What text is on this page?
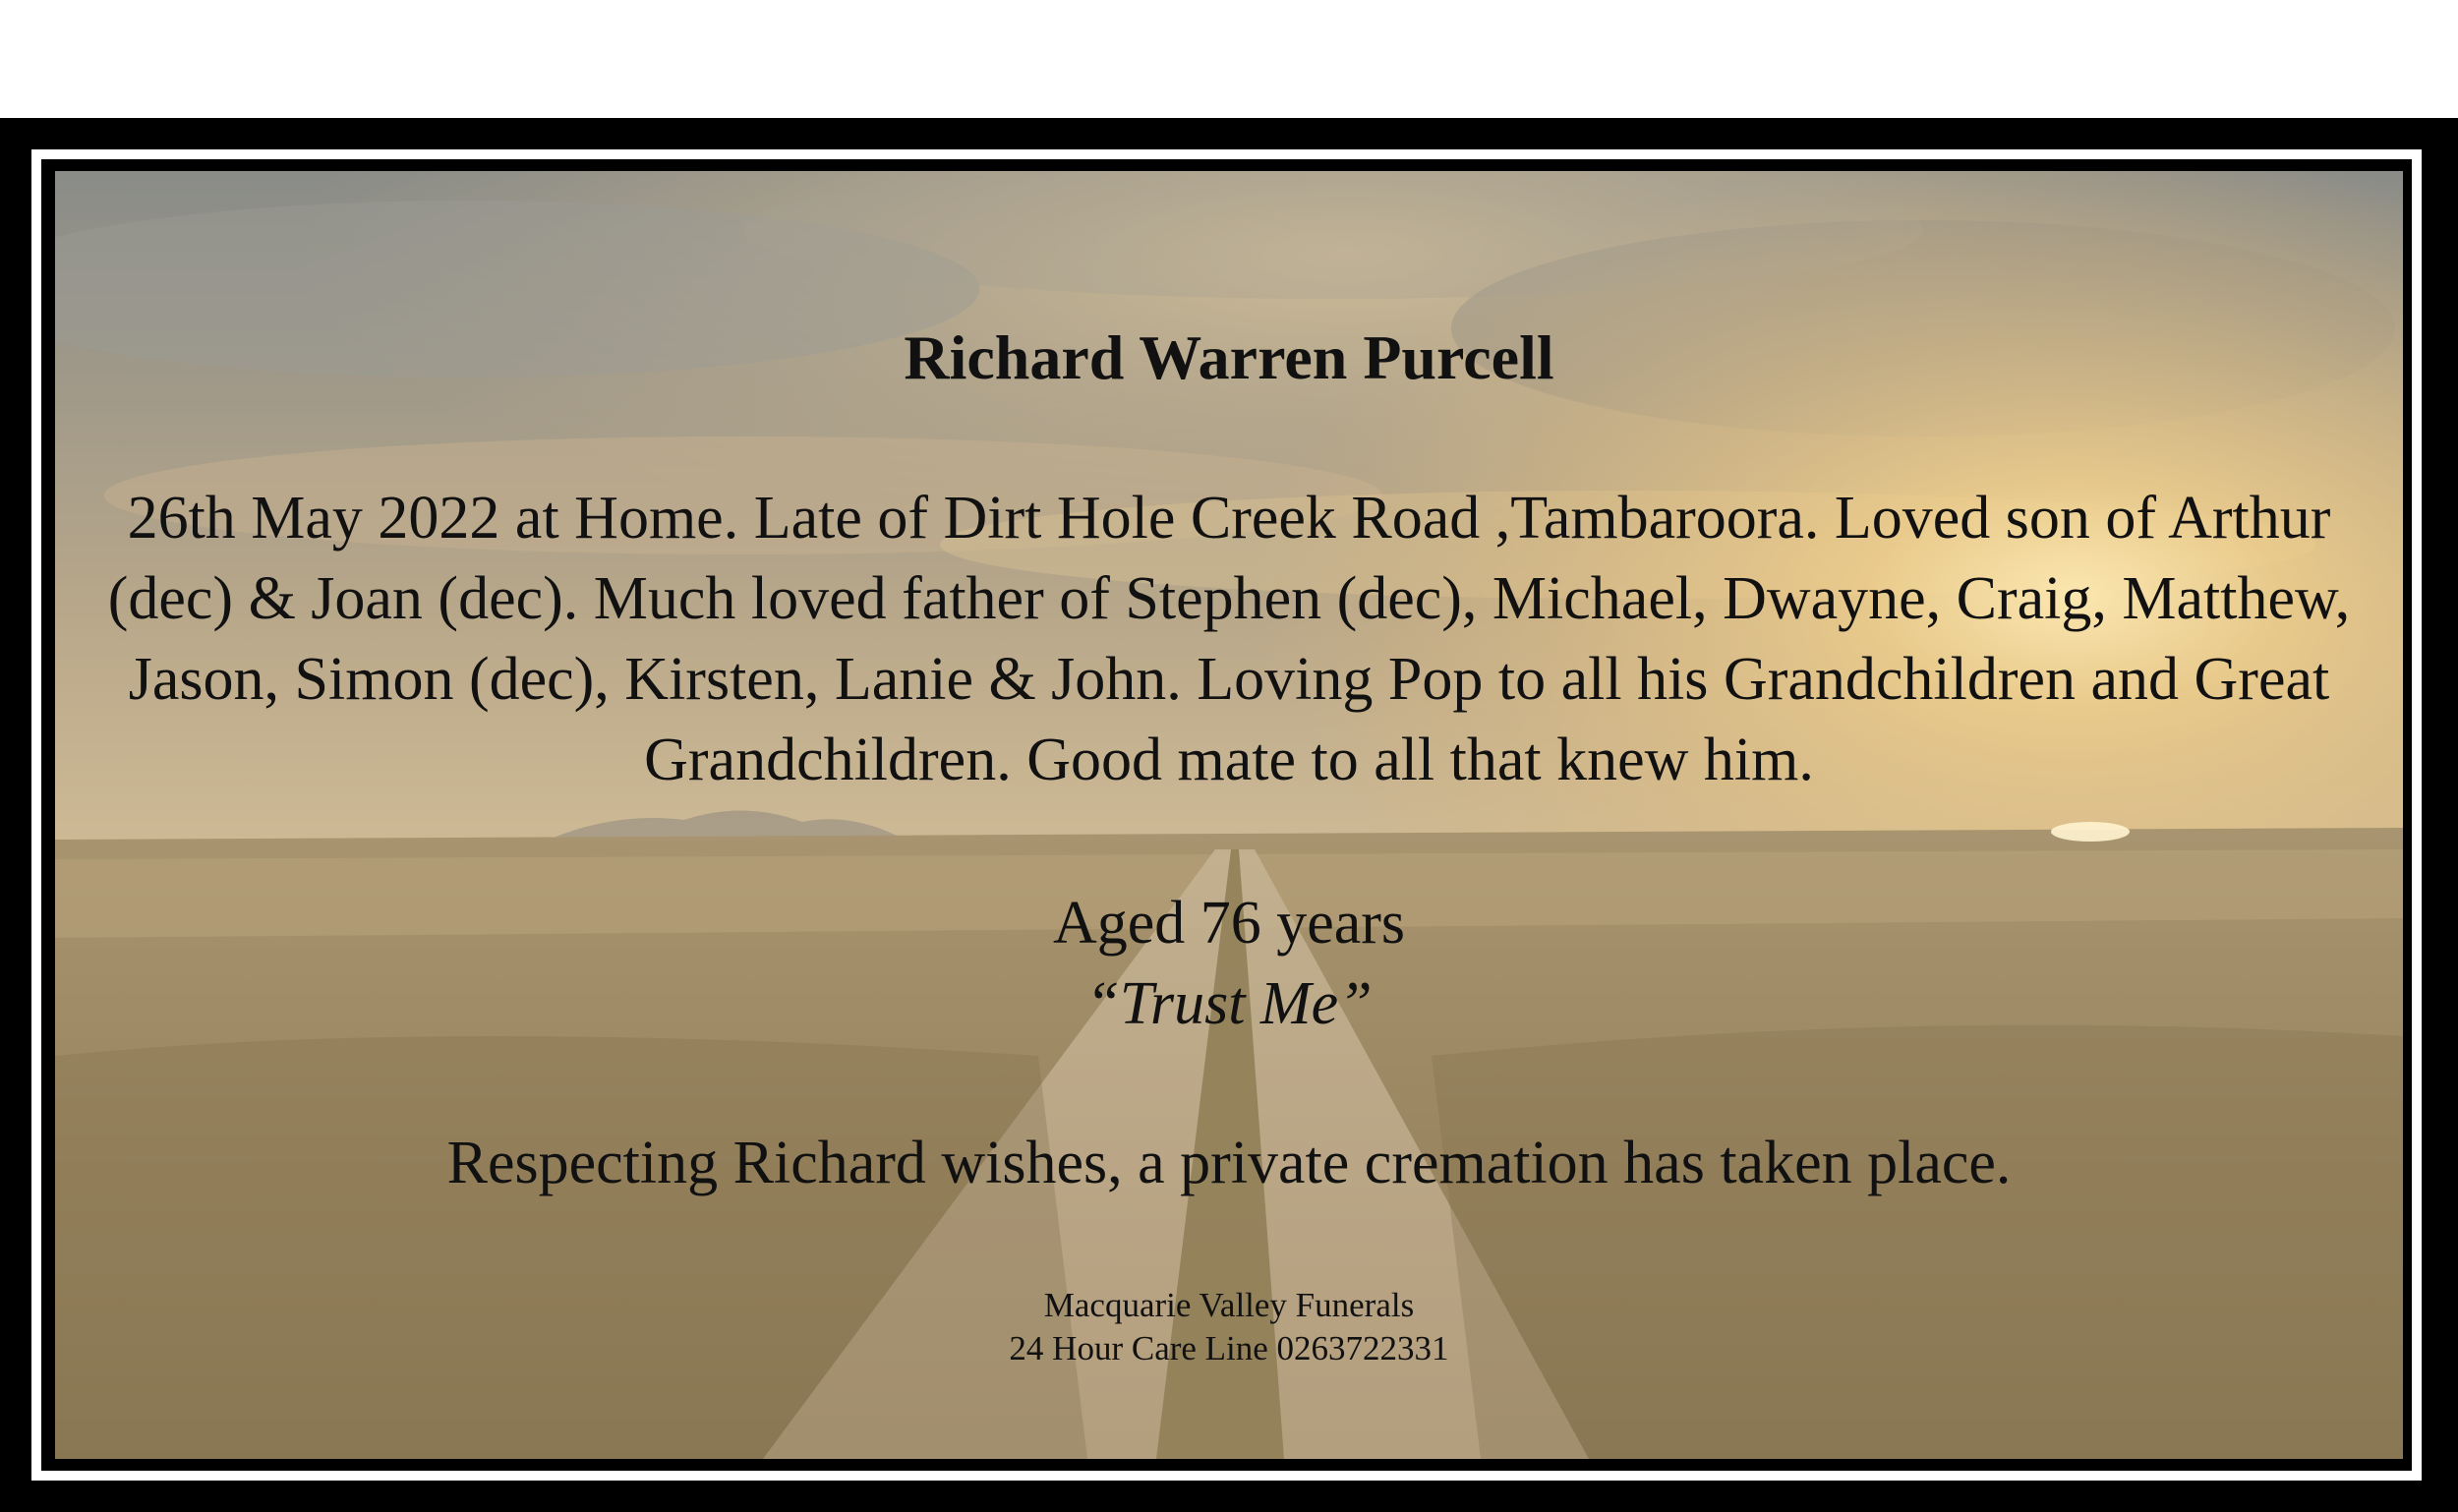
Richard Warren Purcell
26th May 2022 at Home. Late of Dirt Hole Creek Road ,Tambaroora. Loved son of Arthur (dec) & Joan (dec). Much loved father of Stephen (dec), Michael, Dwayne, Craig, Matthew, Jason, Simon (dec), Kirsten, Lanie & John. Loving Pop to all his Grandchildren and Great Grandchildren. Good mate to all that knew him.
Aged 76 years
“Trust Me”
Respecting Richard wishes, a private cremation has taken place.
Macquarie Valley Funerals
24 Hour Care Line 0263722331
